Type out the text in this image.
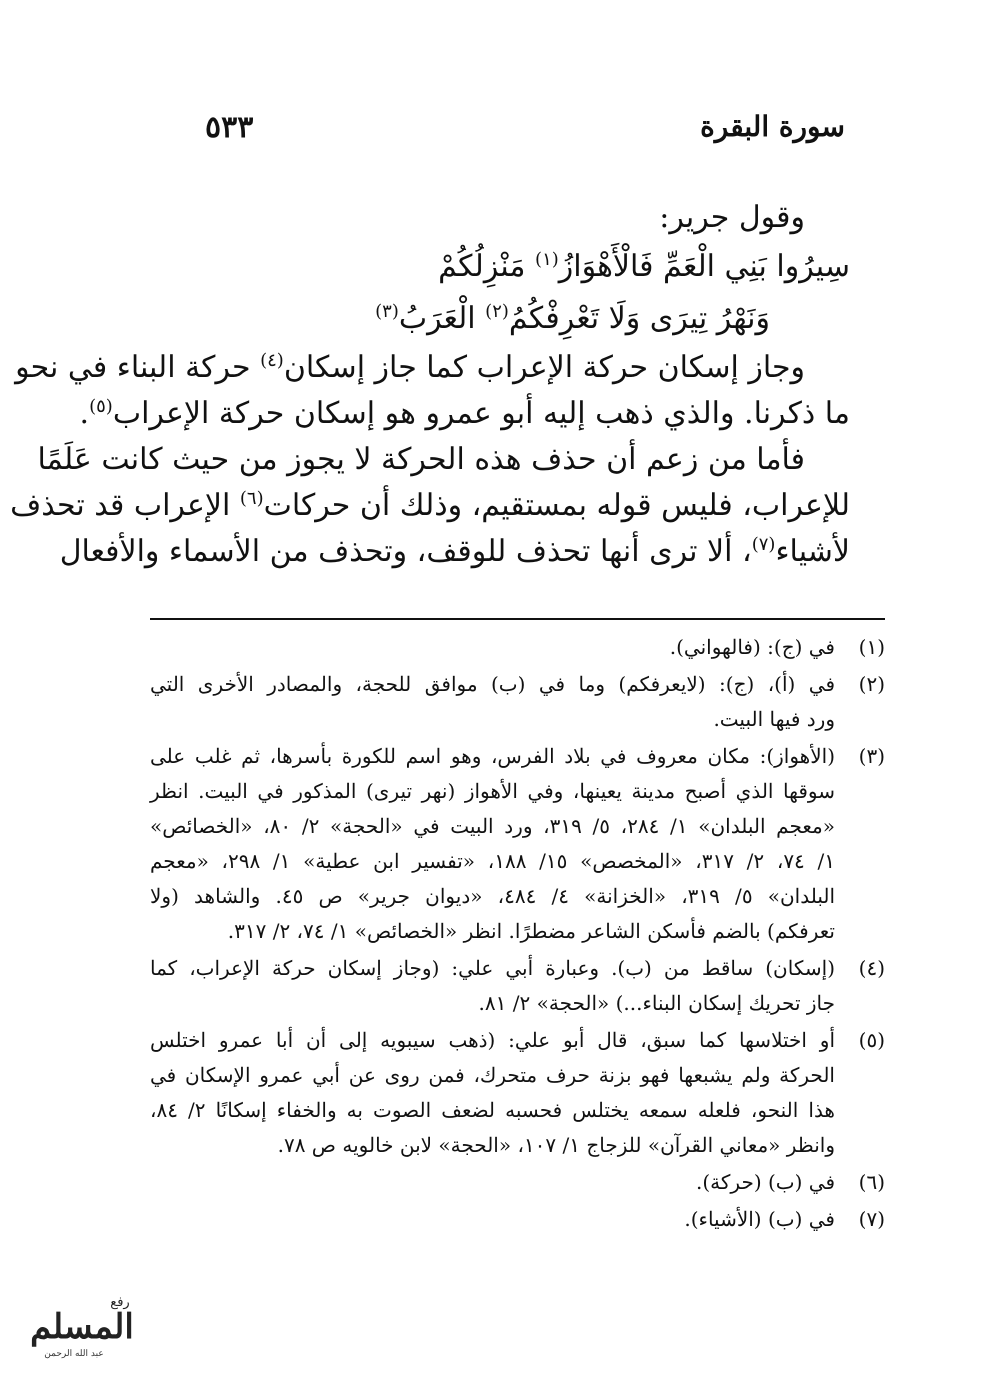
٥٣٣	سورة البقرة

وقول جرير:

سِيرُوا بَنِي الْعَمِّ فَالْأَهْوَازُ$^{(١)}$ مَنْزِلُكُمْ

وَنَهْرُ تِيرَى وَلَا تَعْرِفْكُمُ$^{(٢)}$ الْعَرَبُ$^{(٣)}$

وجاز إسكان حركة الإعراب كما جاز إسكان$^{(٤)}$ حركة البناء في نحو

ما ذكرنا. والذي ذهب إليه أبو عمرو هو إسكان حركة الإعراب$^{(٥)}$.

فأما من زعم أن حذف هذه الحركة لا يجوز من حيث كانت عَلَمًا

للإعراب، فليس قوله بمستقيم، وذلك أن حركات$^{(٦)}$ الإعراب قد تحذف

لأشياء$^{(٧)}$، ألا ترى أنها تحذف للوقف، وتحذف من الأسماء والأفعال

(١)

في (ج): (فالهواني).

(٢)

في (أ)، (ج): (لايعرفكم) وما في (ب) موافق للحجة، والمصادر الأخرى التي

ورد فيها البيت.

(٣)

(الأهواز): مكان معروف في بلاد الفرس، وهو اسم للكورة بأسرها، ثم غلب على

سوقها الذي أصبح مدينة يعينها، وفي الأهواز (نهر تيرى) المذكور في البيت. انظر

«معجم البلدان» ١/ ٢٨٤، ٥/ ٣١٩، ورد البيت في «الحجة» ٢/ ٨٠، «الخصائص»

١/ ٧٤، ٢/ ٣١٧، «المخصص» ١٥/ ١٨٨، «تفسير ابن عطية» ١/ ٢٩٨، «معجم

البلدان» ٥/ ٣١٩، «الخزانة» ٤/ ٤٨٤، «ديوان جرير» ص ٤٥. والشاهد (ولا

تعرفكم) بالضم فأسكن الشاعر مضطرًا. انظر «الخصائص» ١/ ٧٤، ٢/ ٣١٧.

(٤)

(إسكان) ساقط من (ب). وعبارة أبي علي: (وجاز إسكان حركة الإعراب، كما

جاز تحريك إسكان البناء...) «الحجة» ٢/ ٨١.

(٥)

أو اختلاسها كما سبق، قال أبو علي: (ذهب سيبويه إلى أن أبا عمرو اختلس

الحركة ولم يشبعها فهو بزنة حرف متحرك، فمن روى عن أبي عمرو الإسكان في

هذا النحو، فلعله سمعه يختلس فحسبه لضعف الصوت به والخفاء إسكانًا ٢/ ٨٤،

وانظر «معاني القرآن» للزجاج ١/ ١٠٧، «الحجة» لابن خالويه ص ٧٨.

(٦)

في (ب) (حركة).

(٧)

في (ب) (الأشياء).

رفع
المسلم
عبد الله الرحمن
